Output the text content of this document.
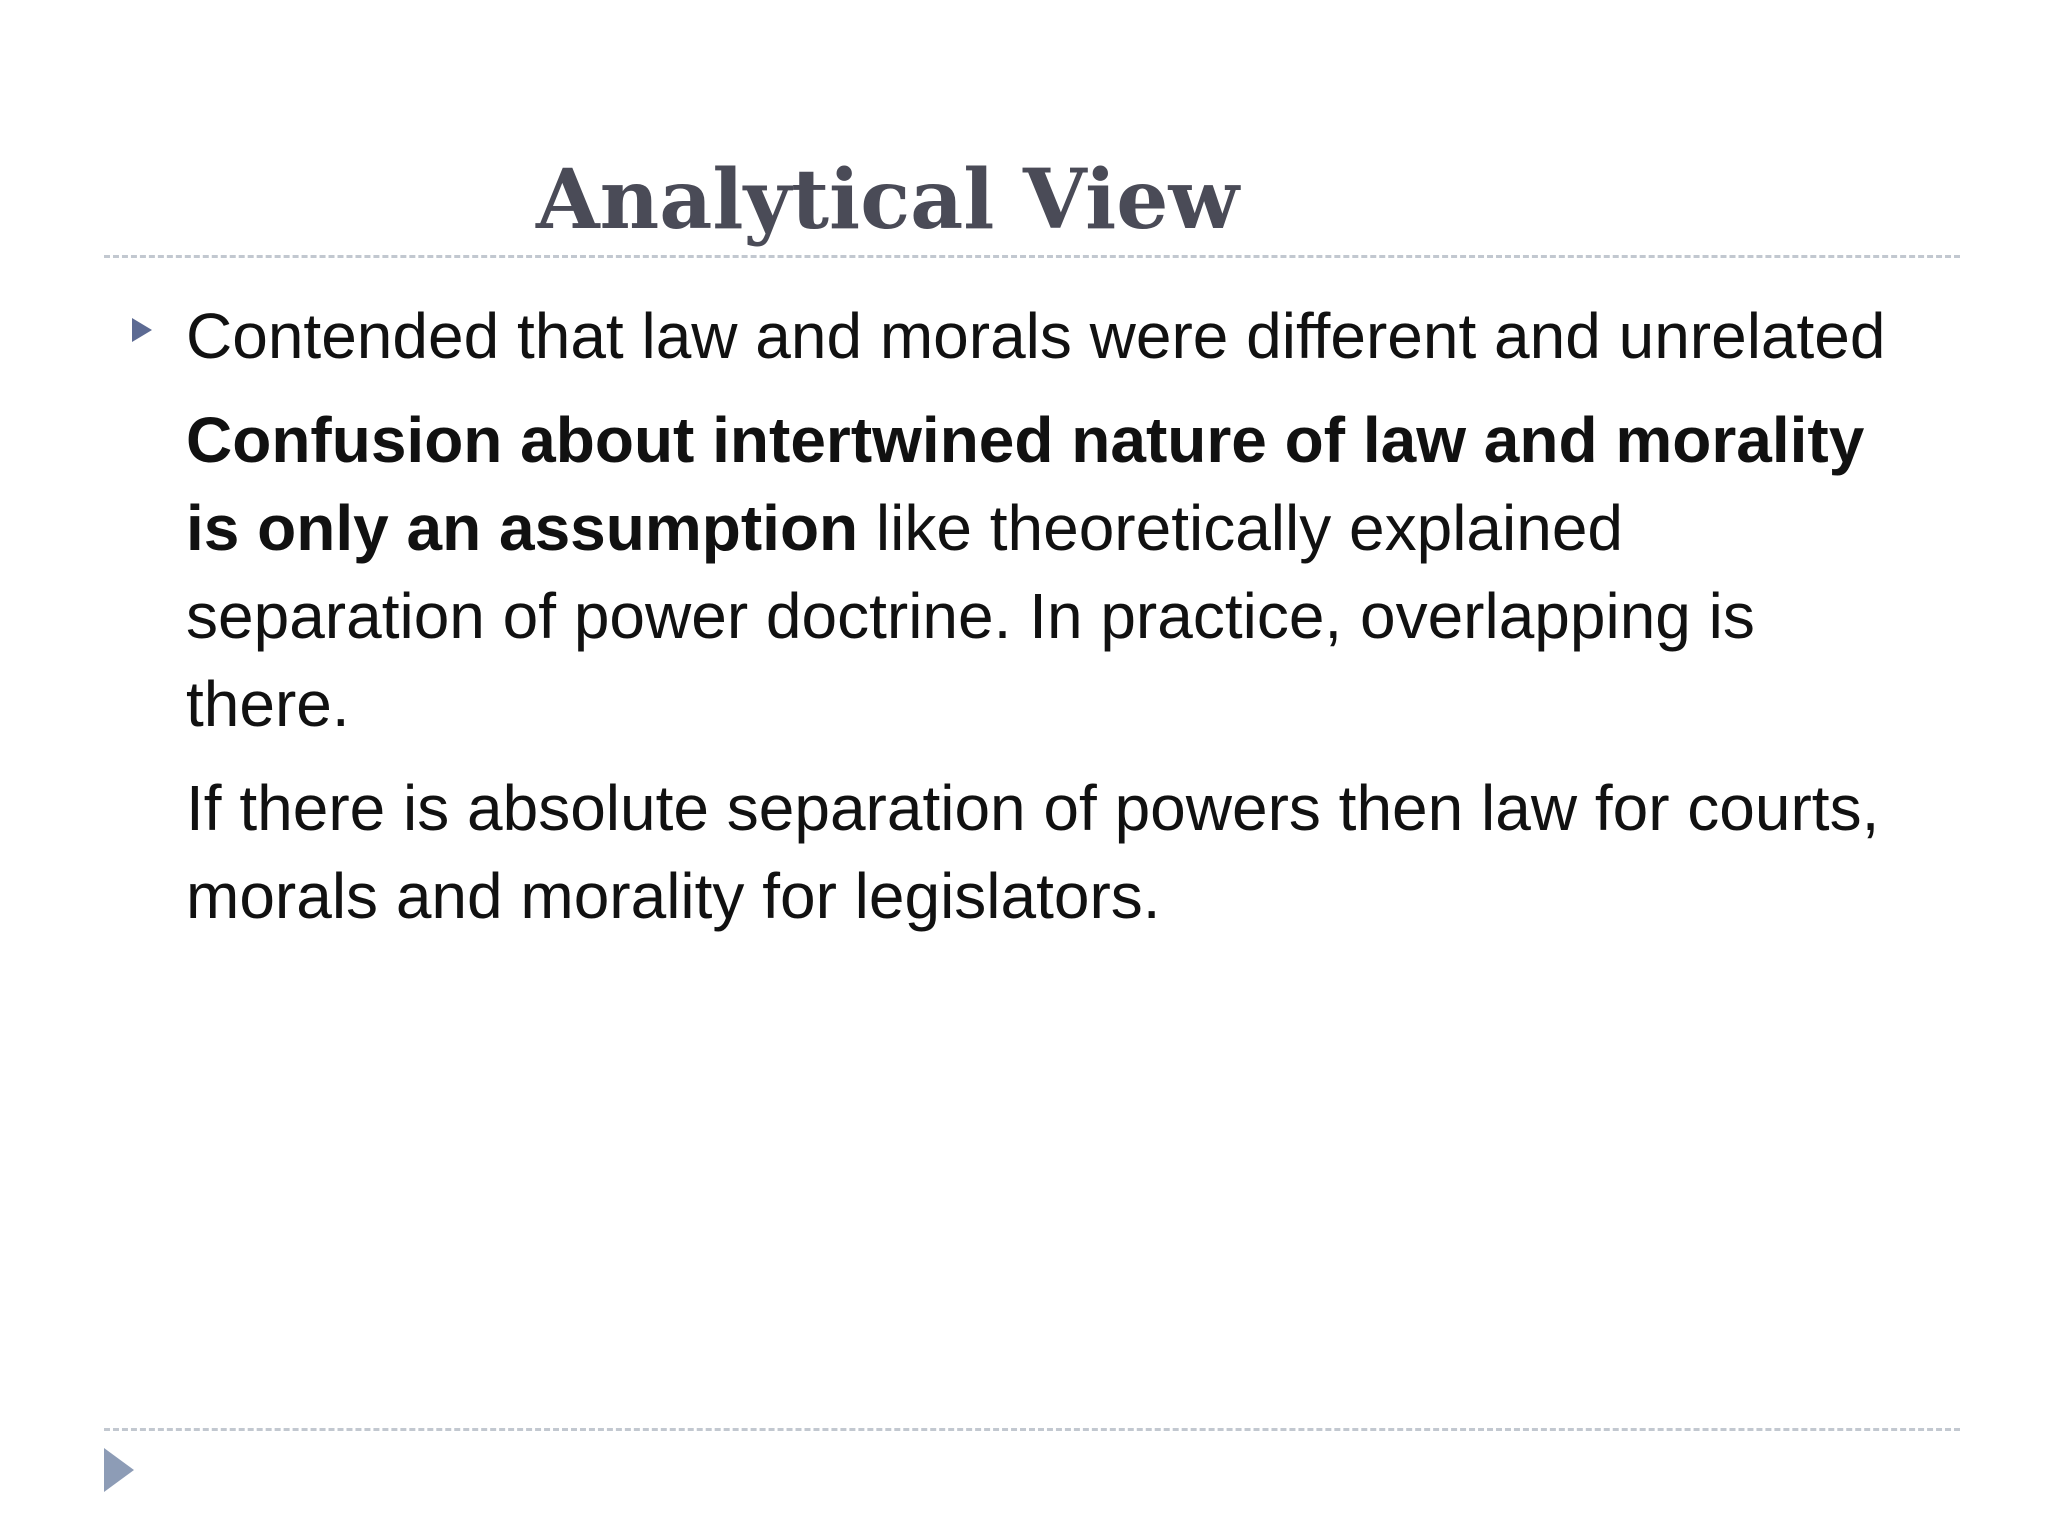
Analytical View

Contended that law and morals were different and unrelated

Confusion about intertwined nature of law and morality is only an assumption like theoretically explained separation of power doctrine. In practice, overlapping is there.

If there is absolute separation of powers then law for courts, morals and morality for legislators.
